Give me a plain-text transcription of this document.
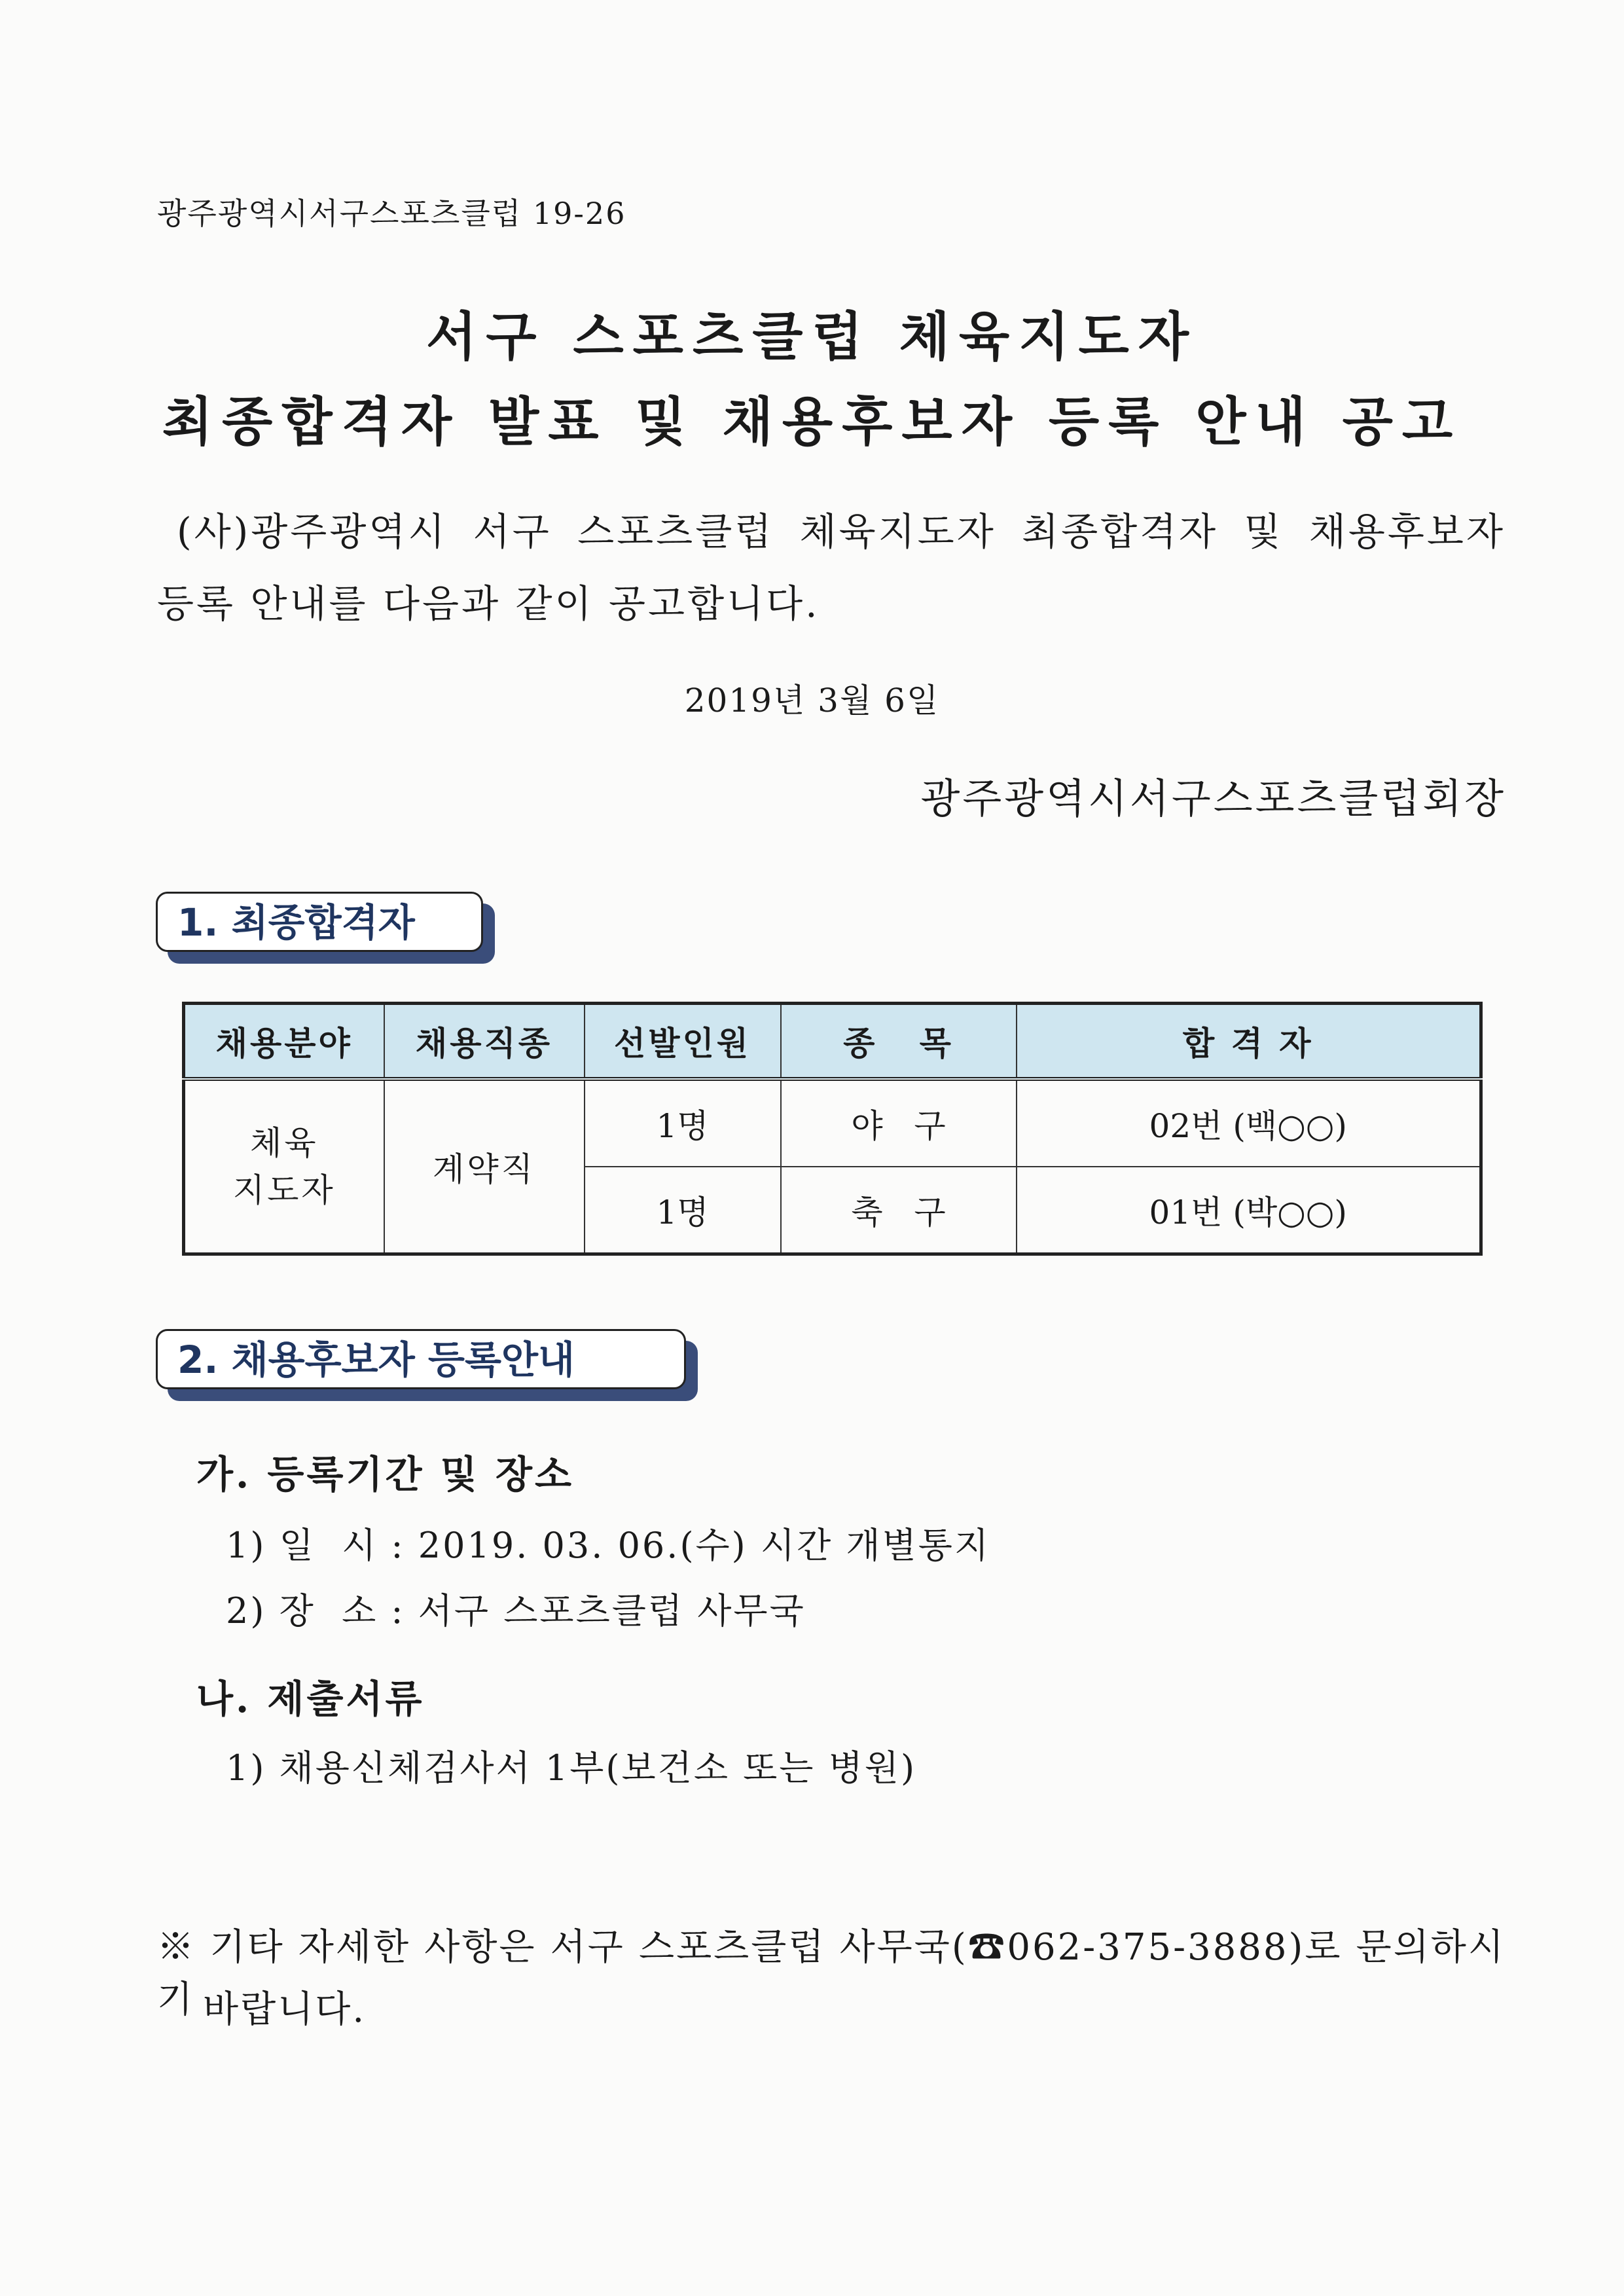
광주광역시서구스포츠클럽 19-26
서구 스포츠클럽 체육지도자
최종합격자 발표 및 채용후보자 등록 안내 공고
(사)광주광역시 서구 스포츠클럽 체육지도자 최종합격자 및 채용후보자
등록 안내를 다음과 같이 공고합니다.
2019년 3월 6일
광주광역시서구스포츠클럽회장
1. 최종합격자
채용분야	채용직종	선발인원	종   목	합 격 자

체육
지도자	계약직	1명	야   구	02번 (백○○)
		1명	축   구	01번 (박○○)
2. 채용후보자 등록안내
가. 등록기간 및 장소
1) 일  시 : 2019. 03. 06.(수) 시간 개별통지
2) 장  소 : 서구 스포츠클럽 사무국
나. 제출서류
1) 채용신체검사서 1부(보건소 또는 병원)
※ 기타 자세한 사항은 서구 스포츠클럽 사무국(☎062-375-3888)로 문의하시기 바랍니다.
